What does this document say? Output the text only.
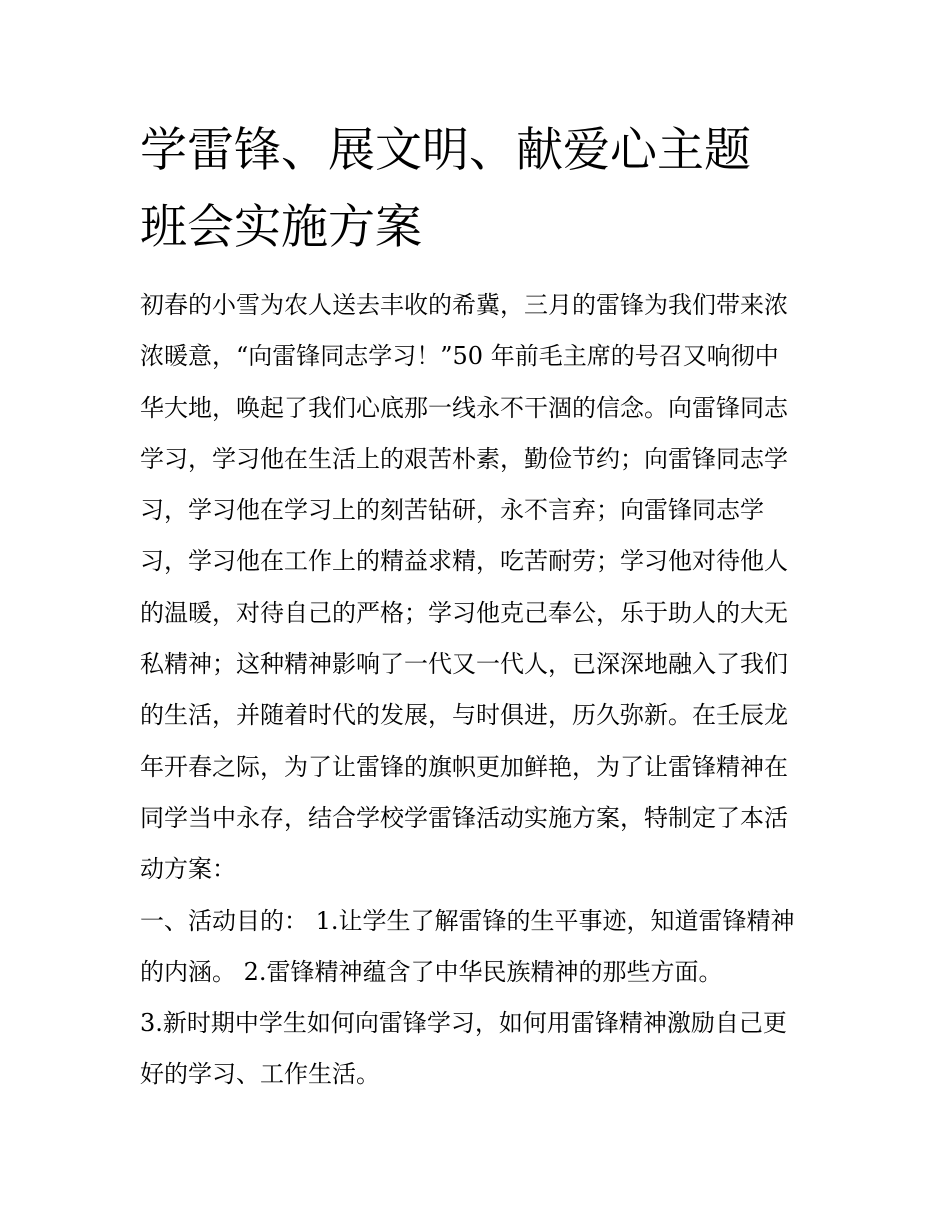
学雷锋、展文明、献爱心主题
班会实施方案
初春的小雪为农人送去丰收的希冀，三月的雷锋为我们带来浓
浓暖意，“向雷锋同志学习！”50 年前毛主席的号召又响彻中
华大地，唤起了我们心底那一线永不干涸的信念。向雷锋同志
学习，学习他在生活上的艰苦朴素，勤俭节约；向雷锋同志学
习，学习他在学习上的刻苦钻研，永不言弃；向雷锋同志学
习，学习他在工作上的精益求精，吃苦耐劳；学习他对待他人
的温暖，对待自己的严格；学习他克己奉公，乐于助人的大无
私精神；这种精神影响了一代又一代人，已深深地融入了我们
的生活，并随着时代的发展，与时俱进，历久弥新。在壬辰龙
年开春之际，为了让雷锋的旗帜更加鲜艳，为了让雷锋精神在
同学当中永存，结合学校学雷锋活动实施方案，特制定了本活
动方案：
一、活动目的： 1.让学生了解雷锋的生平事迹，知道雷锋精神
的内涵。 2.雷锋精神蕴含了中华民族精神的那些方面。
3.新时期中学生如何向雷锋学习，如何用雷锋精神激励自己更
好的学习、工作生活。
